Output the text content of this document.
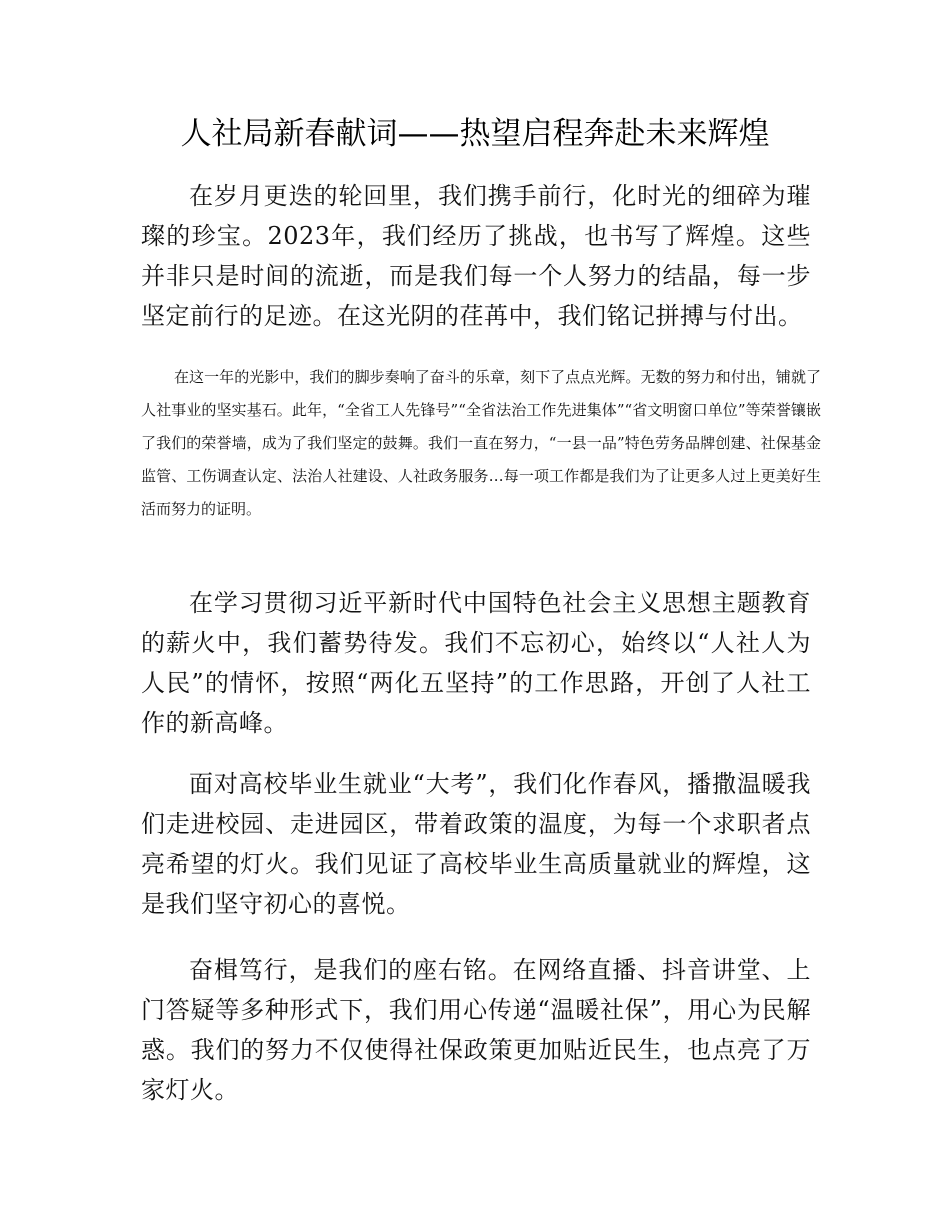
人社局新春献词——热望启程奔赴未来辉煌

在岁月更迭的轮回里，我们携手前行，化时光的细碎为璀璨的珍宝。2023年，我们经历了挑战，也书写了辉煌。这些并非只是时间的流逝，而是我们每一个人努力的结晶，每一步坚定前行的足迹。在这光阴的荏苒中，我们铭记拼搏与付出。

在这一年的光影中，我们的脚步奏响了奋斗的乐章，刻下了点点光辉。无数的努力和付出，铺就了人社事业的坚实基石。此年，“全省工人先锋号”“全省法治工作先进集体”“省文明窗口单位”等荣誉镶嵌了我们的荣誉墙，成为了我们坚定的鼓舞。我们一直在努力，“一县一品”特色劳务品牌创建、社保基金监管、工伤调查认定、法治人社建设、人社政务服务…每一项工作都是我们为了让更多人过上更美好生活而努力的证明。

在学习贯彻习近平新时代中国特色社会主义思想主题教育的薪火中，我们蓄势待发。我们不忘初心，始终以“人社人为人民”的情怀，按照“两化五坚持”的工作思路，开创了人社工作的新高峰。

面对高校毕业生就业“大考”，我们化作春风，播撒温暖我们走进校园、走进园区，带着政策的温度，为每一个求职者点亮希望的灯火。我们见证了高校毕业生高质量就业的辉煌，这是我们坚守初心的喜悦。

奋楫笃行，是我们的座右铭。在网络直播、抖音讲堂、上门答疑等多种形式下，我们用心传递“温暖社保”，用心为民解惑。我们的努力不仅使得社保政策更加贴近民生，也点亮了万家灯火。
